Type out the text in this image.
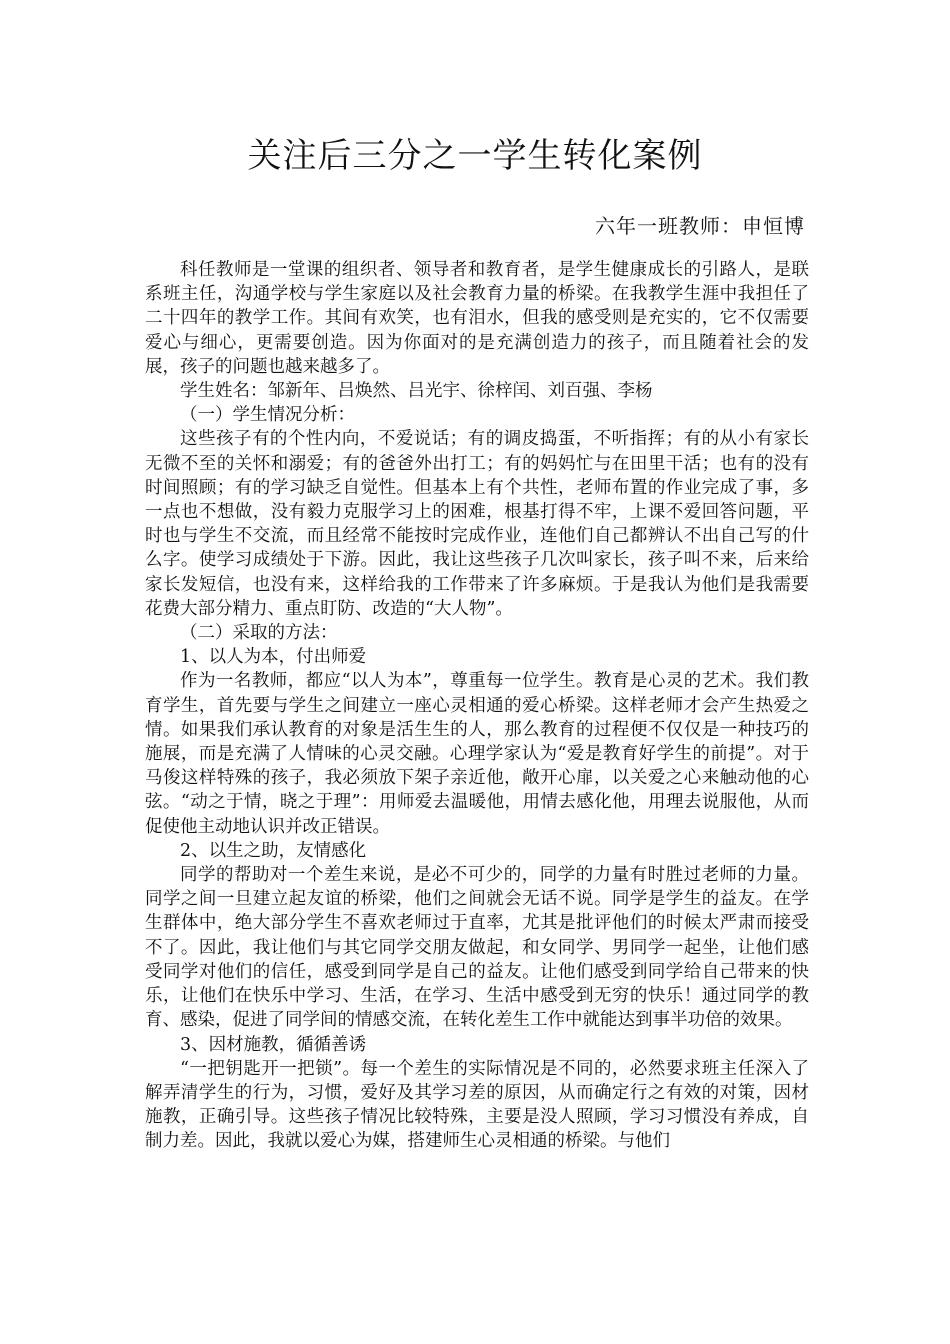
关注后三分之一学生转化案例
六年一班教师：申恒博

科任教师是一堂课的组织者、领导者和教育者，是学生健康成长的引路人，是联系班主任，沟通学校与学生家庭以及社会教育力量的桥梁。在我教学生涯中我担任了二十四年的教学工作。其间有欢笑，也有泪水，但我的感受则是充实的，它不仅需要爱心与细心，更需要创造。因为你面对的是充满创造力的孩子，而且随着社会的发展，孩子的问题也越来越多了。

学生姓名：邹新年、吕焕然、吕光宇、徐梓闰、刘百强、李杨

（一）学生情况分析：

这些孩子有的个性内向，不爱说话；有的调皮捣蛋，不听指挥；有的从小有家长无微不至的关怀和溺爱；有的爸爸外出打工；有的妈妈忙与在田里干活；也有的没有时间照顾；有的学习缺乏自觉性。但基本上有个共性，老师布置的作业完成了事，多一点也不想做，没有毅力克服学习上的困难，根基打得不牢，上课不爱回答问题，平时也与学生不交流，而且经常不能按时完成作业，连他们自己都辨认不出自己写的什么字。使学习成绩处于下游。因此，我让这些孩子几次叫家长，孩子叫不来，后来给家长发短信，也没有来，这样给我的工作带来了许多麻烦。于是我认为他们是我需要花费大部分精力、重点盯防、改造的“大人物”。

（二）采取的方法：

1、以人为本，付出师爱

作为一名教师，都应“以人为本”，尊重每一位学生。教育是心灵的艺术。我们教育学生，首先要与学生之间建立一座心灵相通的爱心桥梁。这样老师才会产生热爱之情。如果我们承认教育的对象是活生生的人，那么教育的过程便不仅仅是一种技巧的施展，而是充满了人情味的心灵交融。心理学家认为“爱是教育好学生的前提”。对于马俊这样特殊的孩子，我必须放下架子亲近他，敞开心扉，以关爱之心来触动他的心弦。“动之于情，晓之于理”：用师爱去温暖他，用情去感化他，用理去说服他，从而促使他主动地认识并改正错误。

2、以生之助，友情感化

同学的帮助对一个差生来说，是必不可少的，同学的力量有时胜过老师的力量。同学之间一旦建立起友谊的桥梁，他们之间就会无话不说。同学是学生的益友。在学生群体中，绝大部分学生不喜欢老师过于直率，尤其是批评他们的时候太严肃而接受不了。因此，我让他们与其它同学交朋友做起，和女同学、男同学一起坐，让他们感受同学对他们的信任，感受到同学是自己的益友。让他们感受到同学给自己带来的快乐，让他们在快乐中学习、生活，在学习、生活中感受到无穷的快乐！通过同学的教育、感染，促进了同学间的情感交流，在转化差生工作中就能达到事半功倍的效果。

3、因材施教，循循善诱

“一把钥匙开一把锁”。每一个差生的实际情况是不同的，必然要求班主任深入了解弄清学生的行为，习惯，爱好及其学习差的原因，从而确定行之有效的对策，因材施教，正确引导。这些孩子情况比较特殊，主要是没人照顾，学习习惯没有养成，自制力差。因此，我就以爱心为媒，搭建师生心灵相通的桥梁。与他们
